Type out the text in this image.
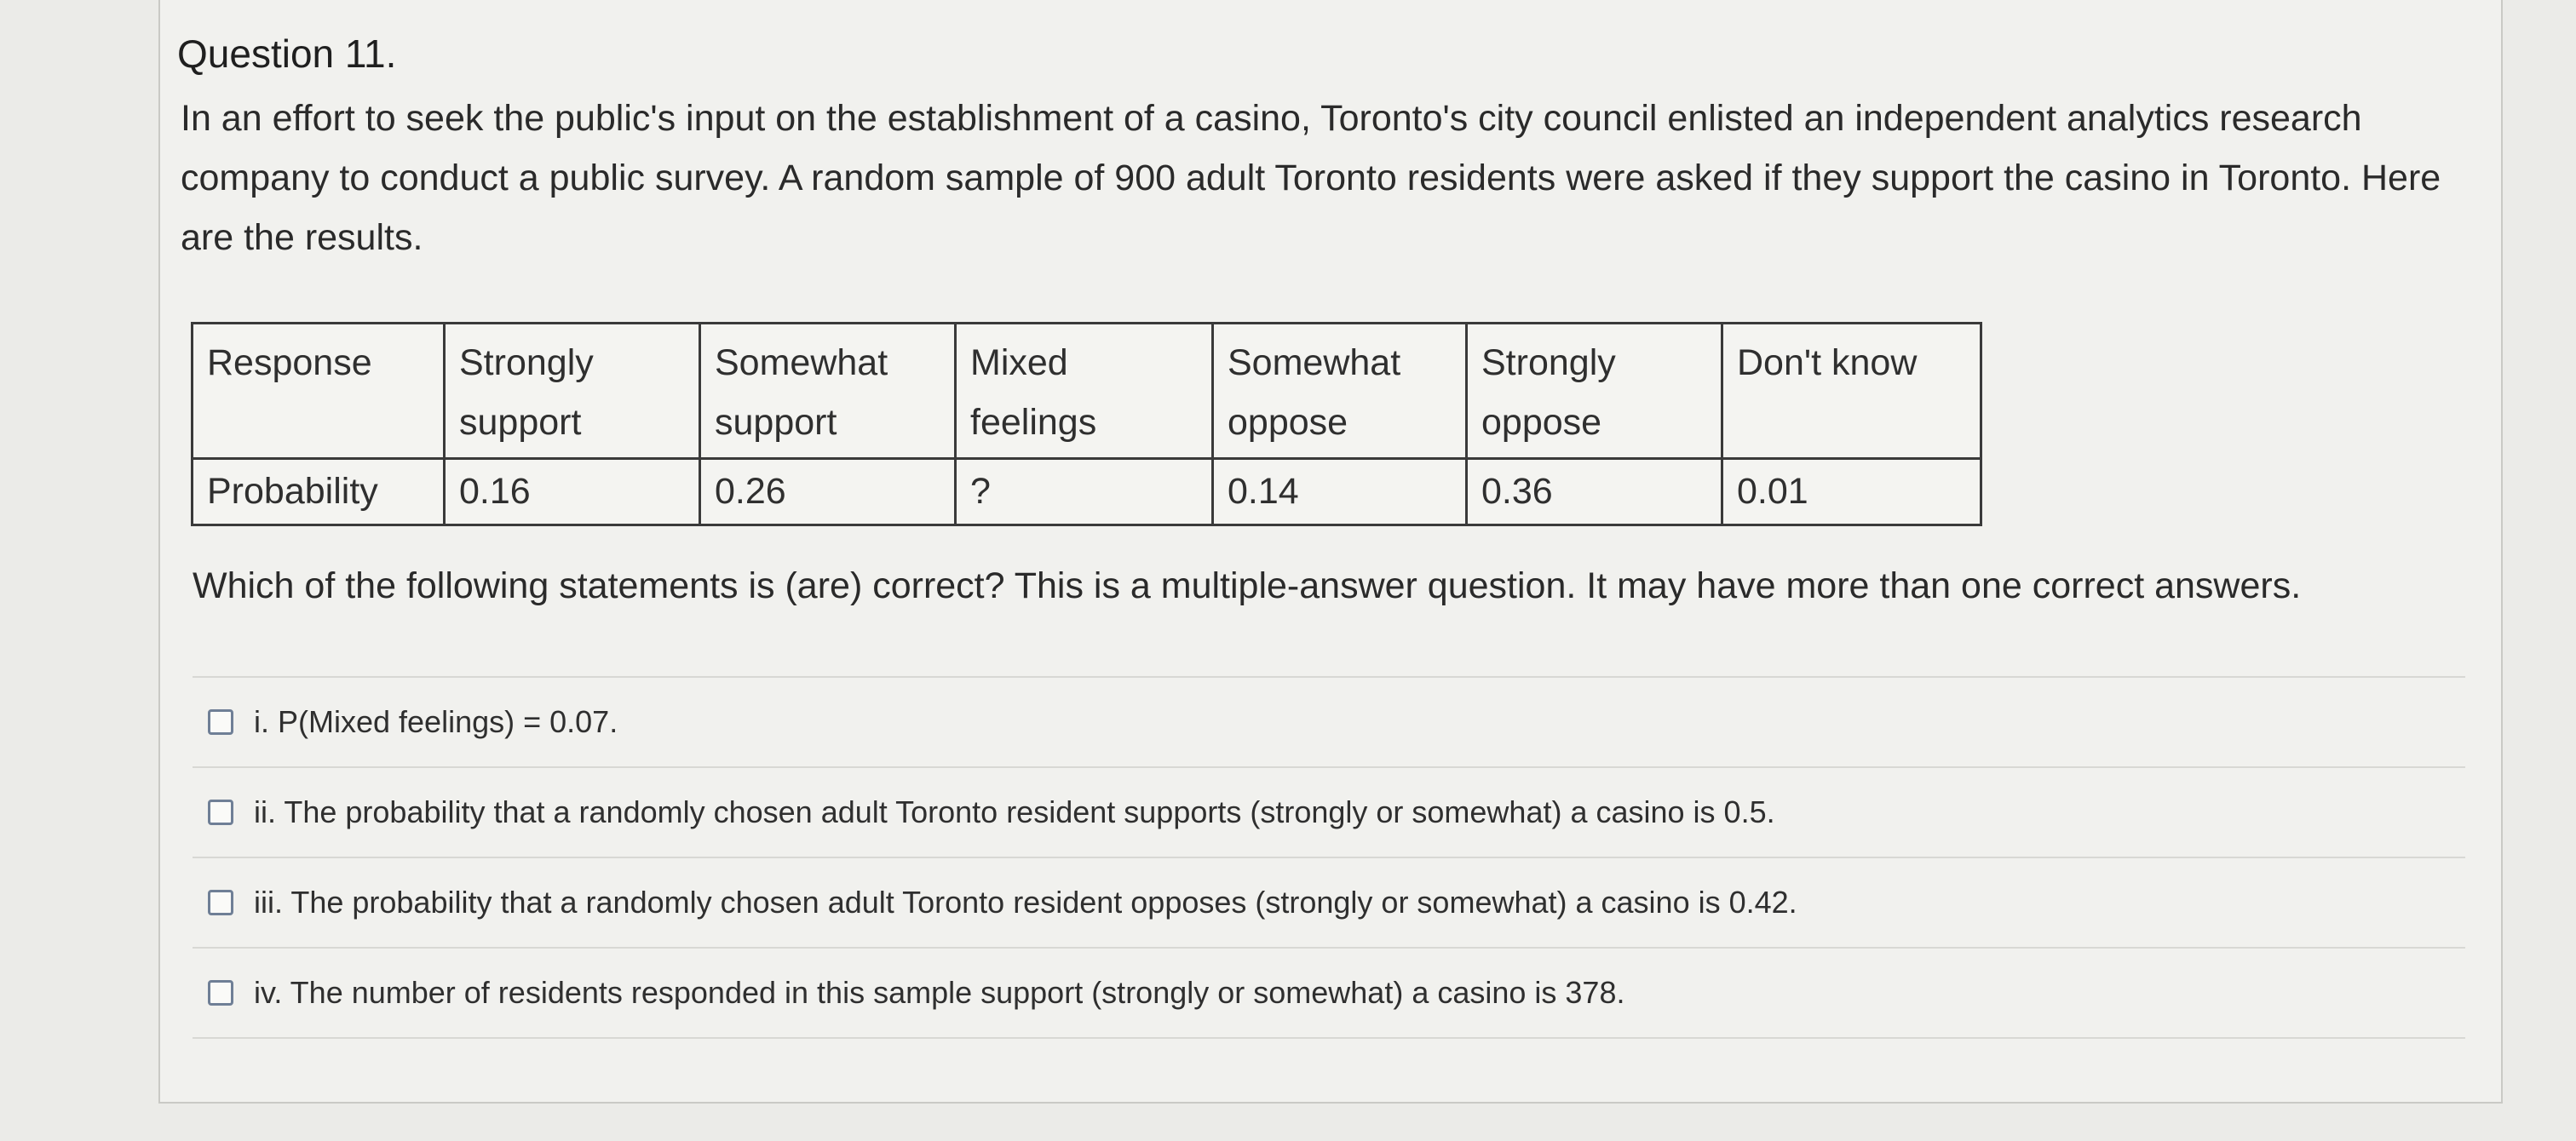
Question 11.

In an effort to seek the public's input on the establishment of a casino, Toronto's city council enlisted an independent analytics research company to conduct a public survey. A random sample of 900 adult Toronto residents were asked if they support the casino in Toronto. Here are the results.

Response	Strongly support	Somewhat support	Mixed feelings	Somewhat oppose	Strongly oppose	Don't know
Probability	0.16	0.26	?	0.14	0.36	0.01
Which of the following statements is (are) correct? This is a multiple-answer question. It may have more than one correct answers.
i. P(Mixed feelings) = 0.07.
ii. The probability that a randomly chosen adult Toronto resident supports (strongly or somewhat) a casino is 0.5.
iii. The probability that a randomly chosen adult Toronto resident opposes (strongly or somewhat) a casino is 0.42.
iv. The number of residents responded in this sample support (strongly or somewhat) a casino is 378.
